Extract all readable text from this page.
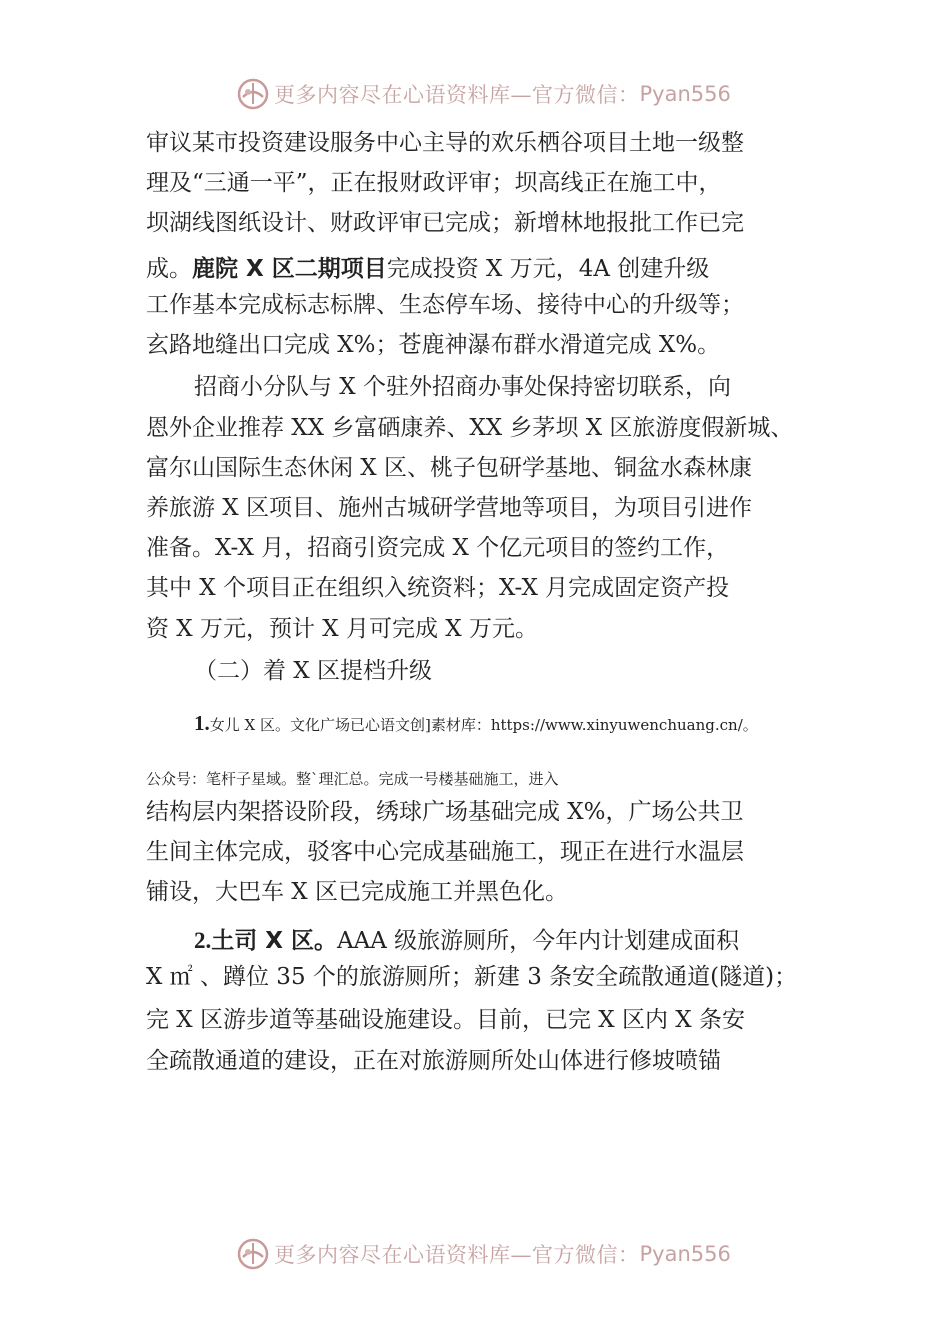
更多内容尽在心语资料库—官方微信： Pyan556
审议某市投资建设服务中心主导的欢乐栖谷项目土地一级整
理及“三通一平”，正在报财政评审；坝高线正在施工中，
坝湖线图纸设计、财政评审已完成；新增林地报批工作已完
成。鹿院 X 区二期项目完成投资 X 万元，4A 创建升级
工作基本完成标志标牌、生态停车场、接待中心的升级等；
玄路地缝出口完成 X%；苍鹿神瀑布群水滑道完成 X%。
招商小分队与 X 个驻外招商办事处保持密切联系，向
恩外企业推荐 XX 乡富硒康养、XX 乡茅坝 X 区旅游度假新城、
富尔山国际生态休闲 X 区、桃子包研学基地、铜盆水森林康
养旅游 X 区项目、施州古城研学营地等项目，为项目引进作
准备。X-X 月，招商引资完成 X 个亿元项目的签约工作，
其中 X 个项目正在组织入统资料；X-X 月完成固定资产投
资 X 万元，预计 X 月可完成 X 万元。
（二）着 X 区提档升级
1.女儿 X 区。文化广场已心语文创]素材库：https://www.xinyuwenchuang.cn/。
公众号：笔杆子星域。整`理汇总。完成一号楼基础施工，进入
结构层内架搭设阶段，绣球广场基础完成 X%，广场公共卫
生间主体完成，驳客中心完成基础施工，现正在进行水温层
铺设，大巴车 X 区已完成施工并黑色化。
2.土司 X 区。AAA 级旅游厕所，今年内计划建成面积
X ㎡ 、蹲位 35 个的旅游厕所；新建 3 条安全疏散通道(隧道)；
完 X 区游步道等基础设施建设。目前，已完 X 区内 X 条安
全疏散通道的建设，正在对旅游厕所处山体进行修坡喷锚
更多内容尽在心语资料库—官方微信： Pyan556
